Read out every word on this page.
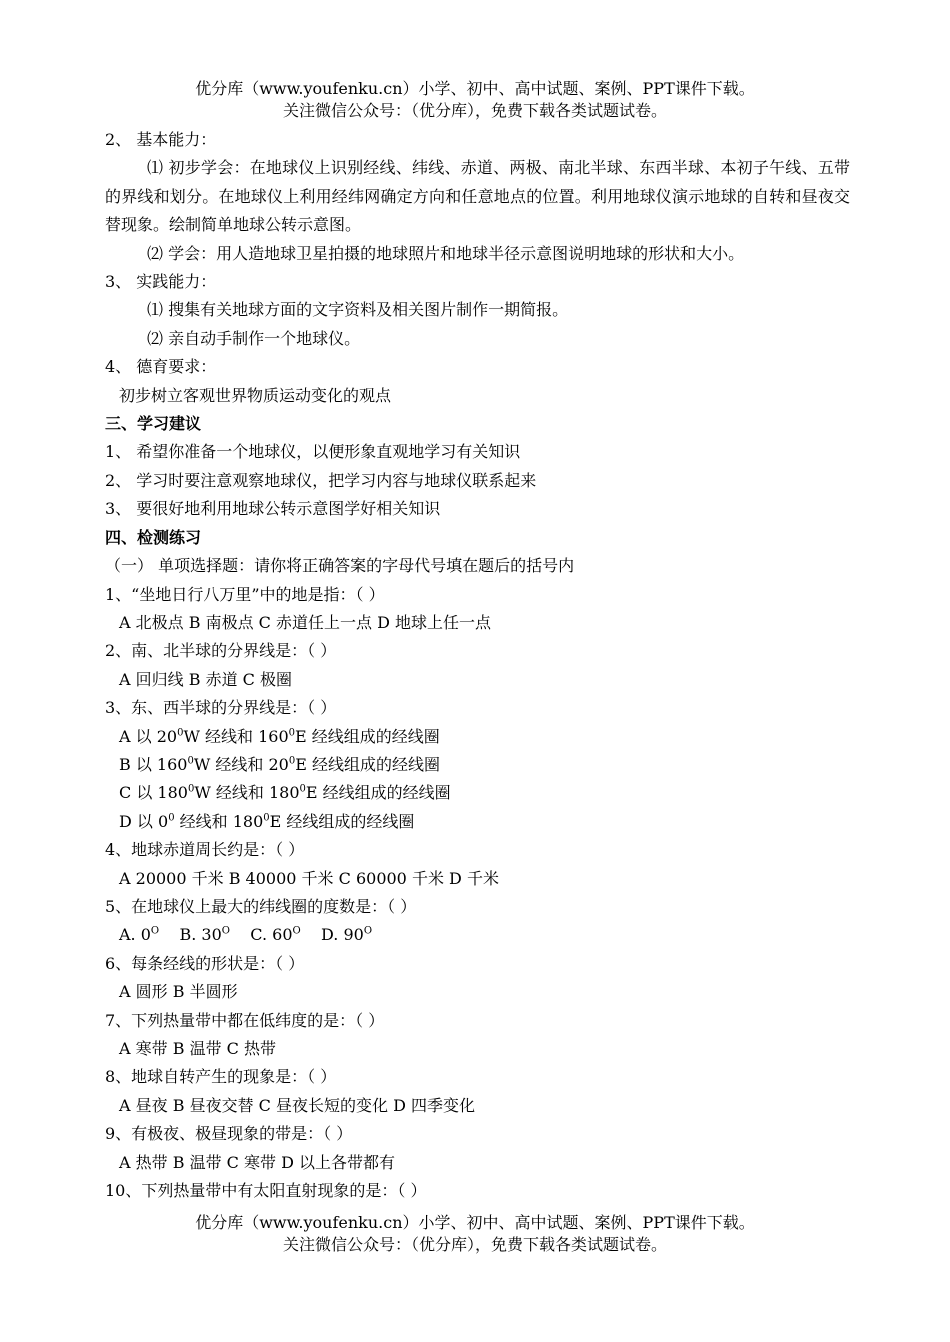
优分库（www.youfenku.cn）小学、初中、高中试题、案例、PPT课件下载。
关注微信公众号：（优分库），免费下载各类试题试卷。
2、 基本能力：
⑴ 初步学会：在地球仪上识别经线、纬线、赤道、两极、南北半球、东西半球、本初子午线、五带的界线和划分。在地球仪上利用经纬网确定方向和任意地点的位置。利用地球仪演示地球的自转和昼夜交替现象。绘制简单地球公转示意图。
⑵ 学会：用人造地球卫星拍摄的地球照片和地球半径示意图说明地球的形状和大小。
3、 实践能力：
⑴ 搜集有关地球方面的文字资料及相关图片制作一期简报。
⑵ 亲自动手制作一个地球仪。
4、 德育要求：
初步树立客观世界物质运动变化的观点
三、学习建议
1、 希望你准备一个地球仪，以便形象直观地学习有关知识
2、 学习时要注意观察地球仪，把学习内容与地球仪联系起来
3、 要很好地利用地球公转示意图学好相关知识
四、检测练习
（一） 单项选择题：请你将正确答案的字母代号填在题后的括号内
1、“坐地日行八万里”中的地是指：（ ）
A 北极点 B 南极点 C 赤道任上一点 D 地球上任一点
2、南、北半球的分界线是：（ ）
A 回归线 B 赤道 C 极圈
3、东、西半球的分界线是：（ ）
A 以 $20^0W$ 经线和 $160^0E$ 经线组成的经线圈
B 以 $160^0W$ 经线和 $20^0E$ 经线组成的经线圈
C 以 $180^0W$ 经线和 $180^0E$ 经线组成的经线圈
D 以 $0^0$ 经线和 $180^0E$ 经线组成的经线圈
4、地球赤道周长约是：（ ）
A 20000 千米 B 40000 千米 C 60000 千米 D 千米
5、在地球仪上最大的纬线圈的度数是：（ ）
A. $0^O$    B. $30^O$    C. $60^O$    D. $90^O$
6、每条经线的形状是：（ ）
A 圆形 B 半圆形
7、下列热量带中都在低纬度的是：（ ）
A 寒带 B 温带 C 热带
8、地球自转产生的现象是：（ ）
A 昼夜 B 昼夜交替 C 昼夜长短的变化 D 四季变化
9、有极夜、极昼现象的带是：（ ）
A 热带 B 温带 C 寒带 D 以上各带都有
10、下列热量带中有太阳直射现象的是：（ ）
优分库（www.youfenku.cn）小学、初中、高中试题、案例、PPT课件下载。
关注微信公众号：（优分库），免费下载各类试题试卷。
